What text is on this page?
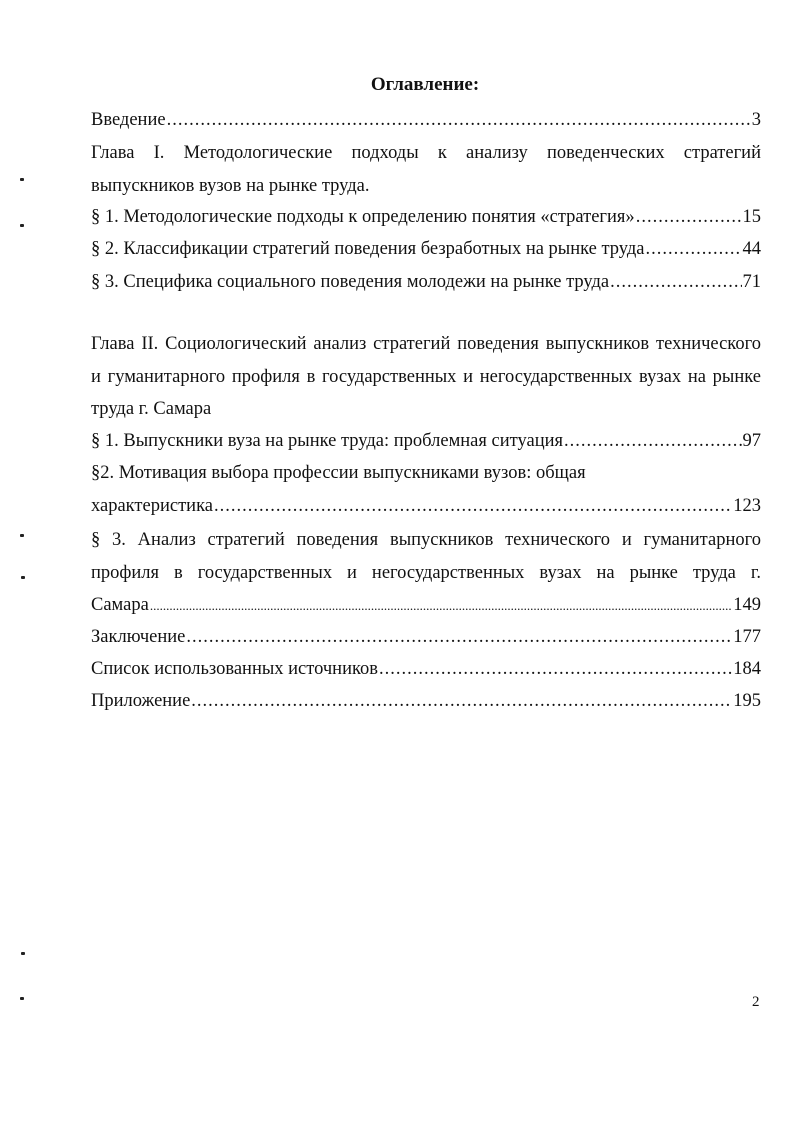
Оглавление:
Введение .....	3
Глава I. Методологические подходы к анализу поведенческих стратегий
выпускников вузов на рынке труда.
§ 1. Методологические подходы к определению понятия «стратегия» .....	15
§ 2. Классификации стратегий поведения безработных на рынке труда .....	44
§ 3. Специфика социального поведения молодежи на рынке труда .....	71
Глава II. Социологический анализ стратегий поведения выпускников технического
и гуманитарного профиля в государственных и негосударственных вузах на рынке
труда г. Самара
§ 1. Выпускники вуза на рынке труда: проблемная ситуация .....	97
§2. Мотивация выбора профессии выпускниками вузов: общая
характеристика .....	123
§ 3. Анализ стратегий поведения выпускников технического и гуманитарного
профиля в государственных и негосударственных вузах на рынке труда г.
Самара .....	149
Заключение .....	177
Список использованных источников .....	184
Приложение .....	195
2
